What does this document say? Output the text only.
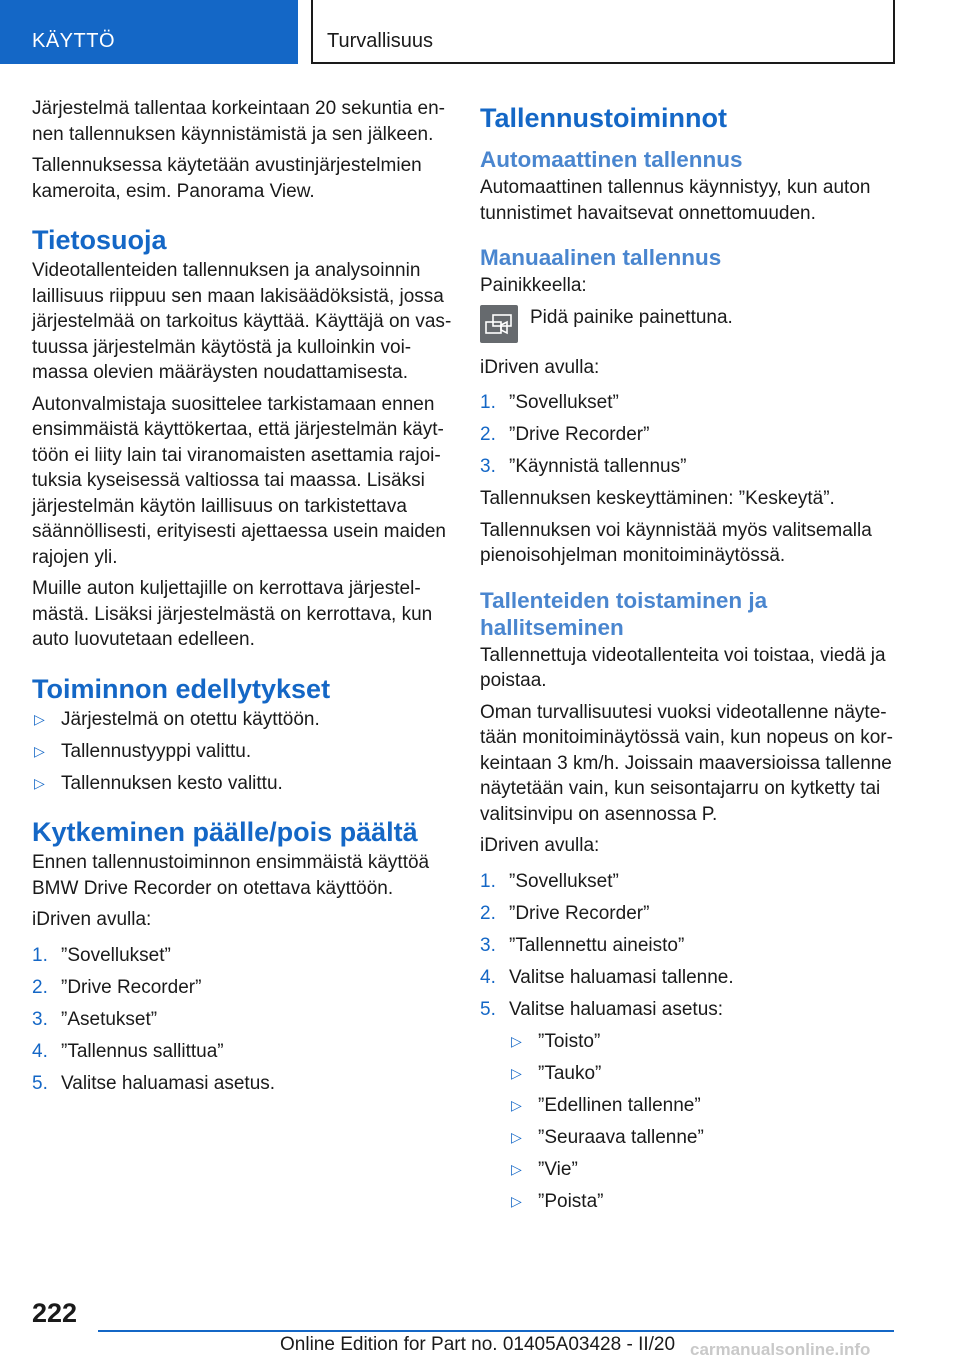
KÄYTTÖ	Turvallisuus

Järjestelmä tallentaa korkeintaan 20 sekuntia ennen tallennuksen käynnistämistä ja sen jälkeen.

Tallennuksessa käytetään avustinjärjestelmien kameroita, esim. Panorama View.

Tietosuoja

Videotallenteiden tallennuksen ja analysoinnin laillisuus riippuu sen maan lakisäädöksistä, jossa järjestelmää on tarkoitus käyttää. Käyttäjä on vastuussa järjestelmän käytöstä ja kulloinkin voimassa olevien määräysten noudattamisesta.

Autonvalmistaja suosittelee tarkistamaan ennen ensimmäistä käyttökertaa, että järjestelmän käyttöön ei liity lain tai viranomaisten asettamia rajoituksia kyseisessä valtiossa tai maassa. Lisäksi järjestelmän käytön laillisuus on tarkistettava säännöllisesti, erityisesti ajettaessa usein maiden rajojen yli.

Muille auton kuljettajille on kerrottava järjestelmästä. Lisäksi järjestelmästä on kerrottava, kun auto luovutetaan edelleen.

Toiminnon edellytykset
▷ Järjestelmä on otettu käyttöön.
▷ Tallennustyyppi valittu.
▷ Tallennuksen kesto valittu.
Kytkeminen päälle/pois päältä

Ennen tallennustoiminnon ensimmäistä käyttöä BMW Drive Recorder on otettava käyttöön.

iDriven avulla:

1. ”Sovellukset”
2. ”Drive Recorder”
3. ”Asetukset”
4. ”Tallennus sallittua”
5. Valitse haluamasi asetus.
Tallennustoiminnot
Automaattinen tallennus

Automaattinen tallennus käynnistyy, kun auton tunnistimet havaitsevat onnettomuuden.

Manuaalinen tallennus

Painikkeella:

Pidä painike painettuna.

iDriven avulla:

1. ”Sovellukset”
2. ”Drive Recorder”
3. ”Käynnistä tallennus”

Tallennuksen keskeyttäminen: ”Keskeytä”.

Tallennuksen voi käynnistää myös valitsemalla pienoisohjelman monitoiminäytössä.

Tallenteiden toistaminen ja hallitseminen

Tallennettuja videotallenteita voi toistaa, viedä ja poistaa.

Oman turvallisuutesi vuoksi videotallenne näytetään monitoiminäytössä vain, kun nopeus on korkeintaan 3 km/h. Joissain maaversioissa tallenne näytetään vain, kun seisontajarru on kytketty tai valitsinvipu on asennossa P.

iDriven avulla:

1. ”Sovellukset”
2. ”Drive Recorder”
3. ”Tallennettu aineisto”
4. Valitse haluamasi tallenne.
5. Valitse haluamasi asetus:
▷ ”Toisto”
▷ ”Tauko”
▷ ”Edellinen tallenne”
▷ ”Seuraava tallenne”
▷ ”Vie”
▷ ”Poista”
222
Online Edition for Part no. 01405A03428 - II/20 carmanualsonline.info
